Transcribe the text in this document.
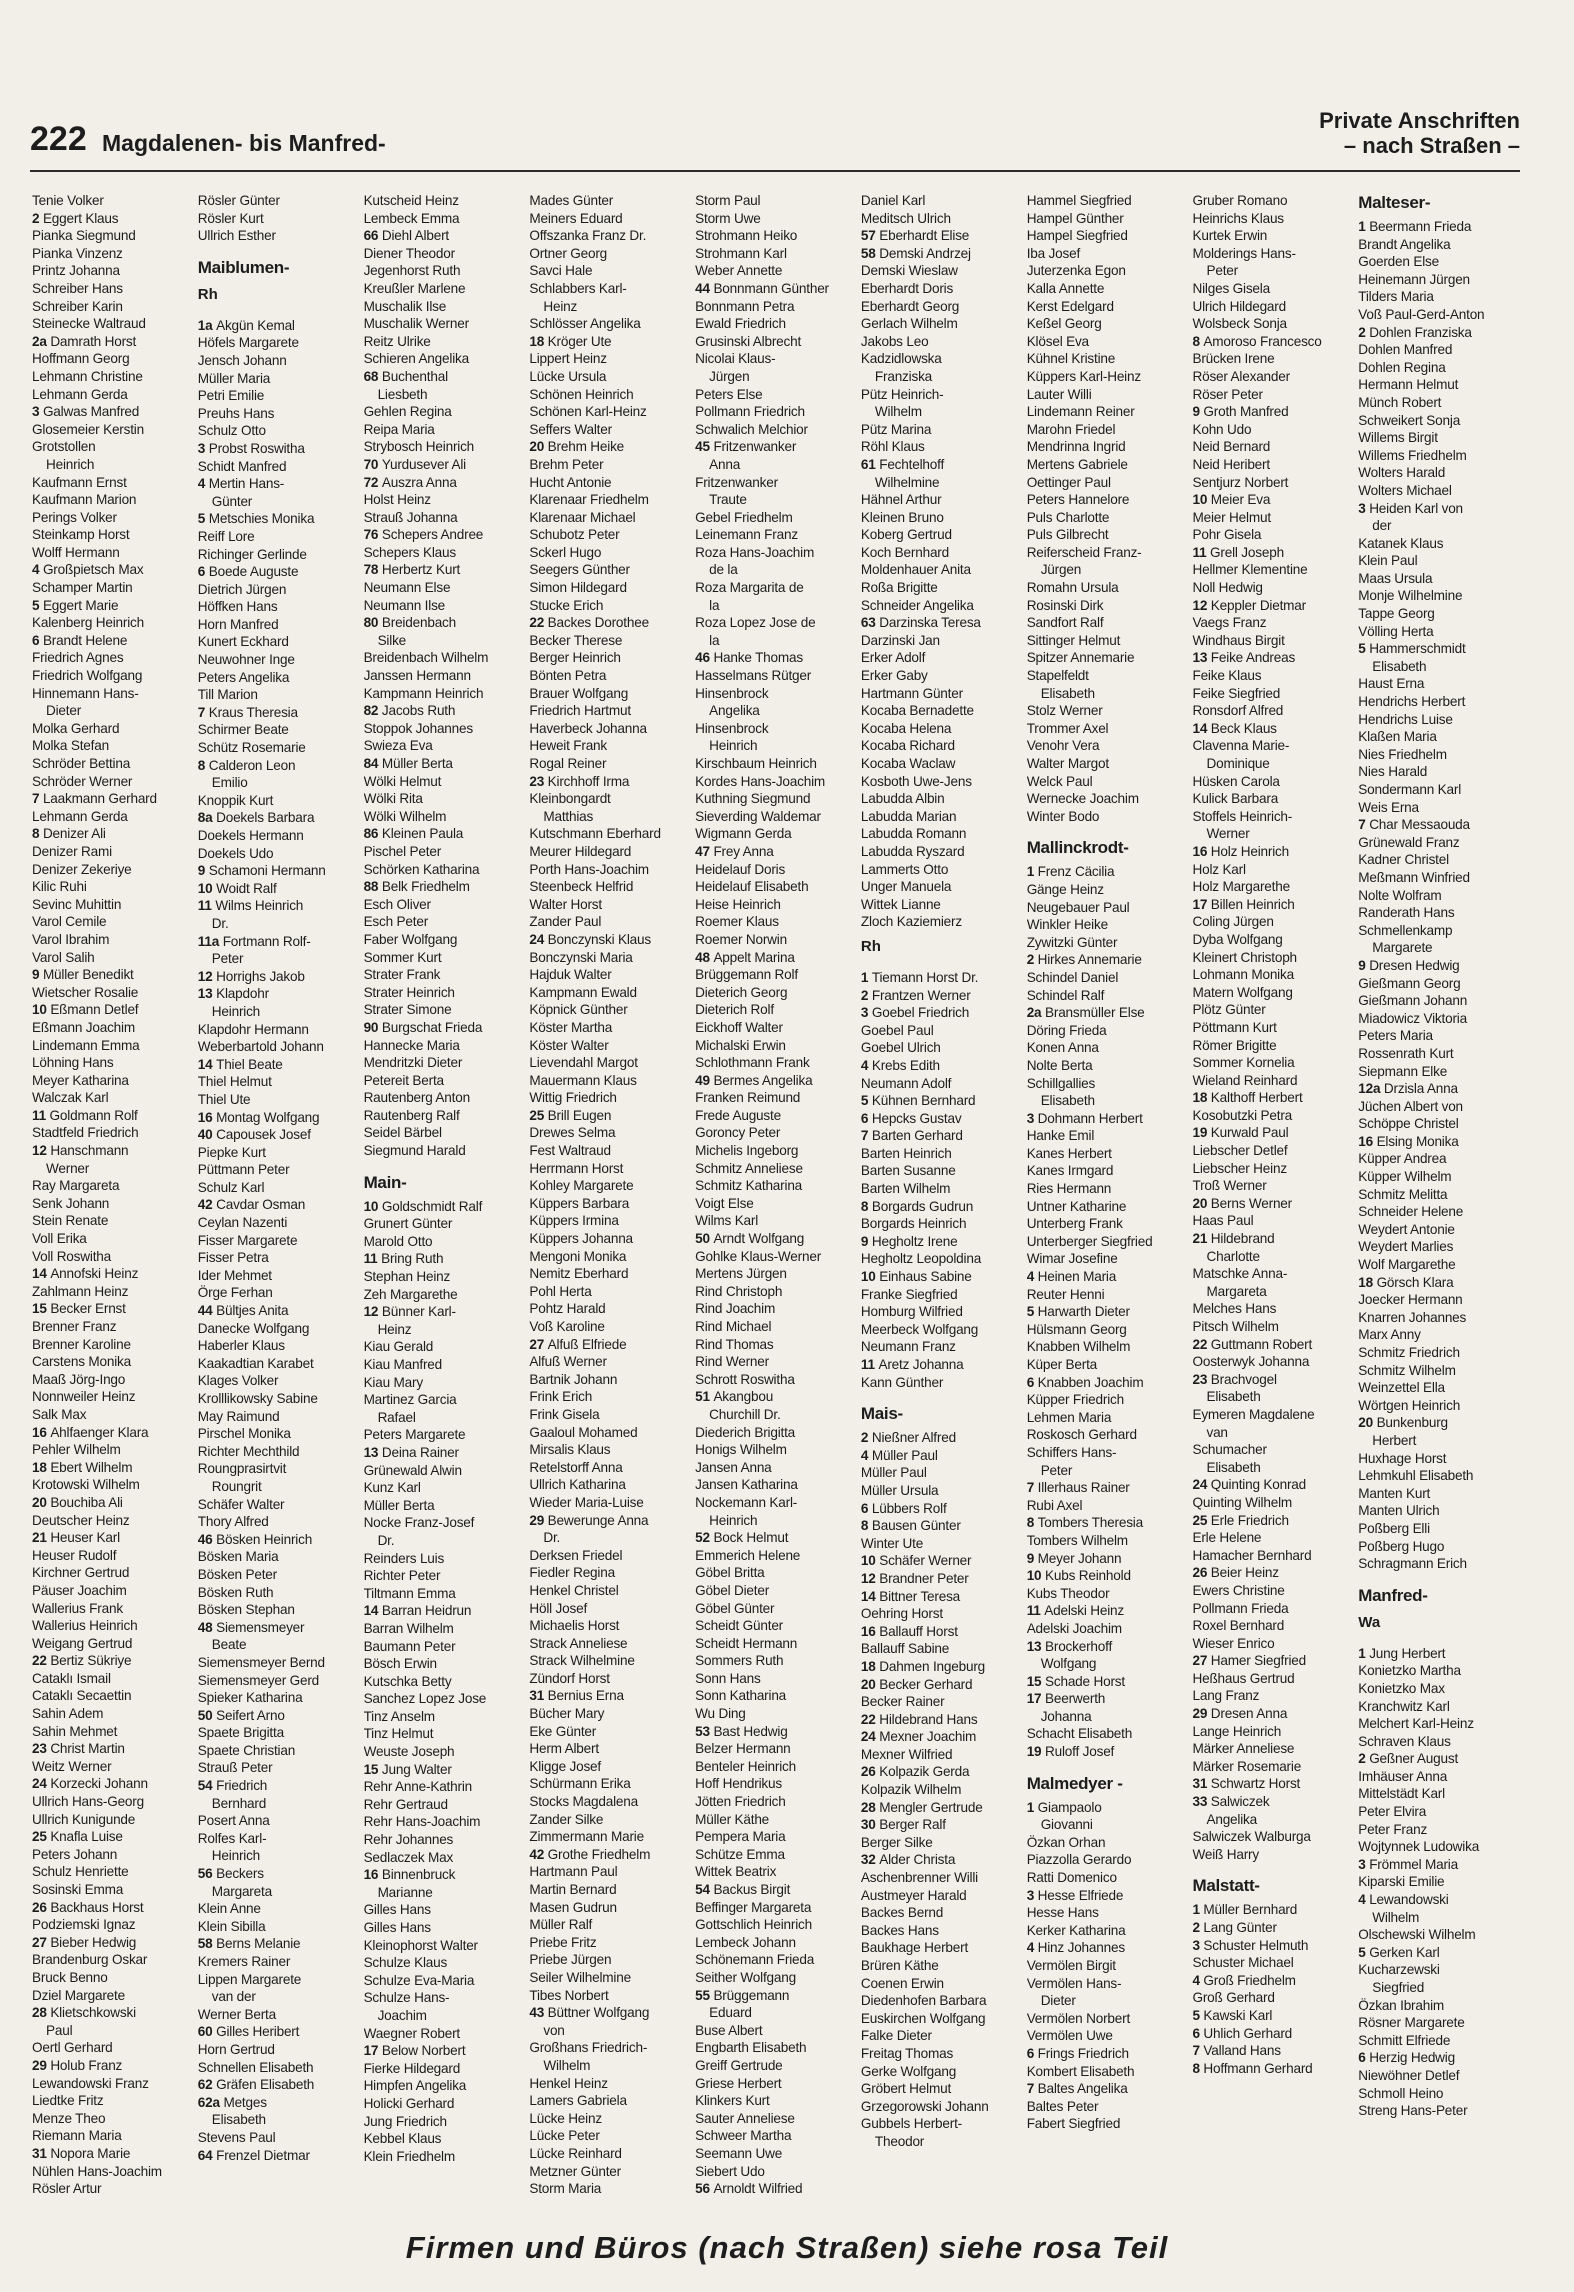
222 Magdalenen- bis Manfred-
Private Anschriften
– nach Straßen –
Tenie Volker
2 Eggert Klaus
Pianka Siegmund
Pianka Vinzenz
Printz Johanna
Schreiber Hans
Schreiber Karin
Steinecke Waltraud
2a Damrath Horst
Hoffmann Georg
Lehmann Christine
Lehmann Gerda
3 Galwas Manfred
Glosemeier Kerstin
Grotstollen
Heinrich
Kaufmann Ernst
Kaufmann Marion
Perings Volker
Steinkamp Horst
Wolff Hermann
4 Großpietsch Max
Schamper Martin
5 Eggert Marie
Kalenberg Heinrich
6 Brandt Helene
Friedrich Agnes
Friedrich Wolfgang
Hinnemann Hans-
Dieter
Molka Gerhard
Molka Stefan
Schröder Bettina
Schröder Werner
7 Laakmann Gerhard
Lehmann Gerda
8 Denizer Ali
Denizer Rami
Denizer Zekeriye
Kilic Ruhi
Sevinc Muhittin
Varol Cemile
Varol Ibrahim
Varol Salih
9 Müller Benedikt
Wietscher Rosalie
10 Eßmann Detlef
Eßmann Joachim
Lindemann Emma
Löhning Hans
Meyer Katharina
Walczak Karl
11 Goldmann Rolf
Stadtfeld Friedrich
12 Hanschmann
Werner
Ray Margareta
Senk Johann
Stein Renate
Voll Erika
Voll Roswitha
14 Annofski Heinz
Zahlmann Heinz
15 Becker Ernst
Brenner Franz
Brenner Karoline
Carstens Monika
Maaß Jörg-Ingo
Nonnweiler Heinz
Salk Max
16 Ahlfaenger Klara
Pehler Wilhelm
18 Ebert Wilhelm
Krotowski Wilhelm
20 Bouchiba Ali
Deutscher Heinz
21 Heuser Karl
Heuser Rudolf
Kirchner Gertrud
Päuser Joachim
Wallerius Frank
Wallerius Heinrich
Weigang Gertrud
22 Bertiz Sükriye
Cataklı Ismail
Cataklı Secaettin
Sahin Adem
Sahin Mehmet
23 Christ Martin
Weitz Werner
24 Korzecki Johann
Ullrich Hans-Georg
Ullrich Kunigunde
25 Knafla Luise
Peters Johann
Schulz Henriette
Sosinski Emma
26 Backhaus Horst
Podziemski Ignaz
27 Bieber Hedwig
Brandenburg Oskar
Bruck Benno
Dziel Margarete
28 Klietschkowski
Paul
Oertl Gerhard
29 Holub Franz
Lewandowski Franz
Liedtke Fritz
Menze Theo
Riemann Maria
31 Nopora Marie
Nühlen Hans-Joachim
Rösler Artur
Rösler Günter
Rösler Kurt
Ullrich Esther
Maiblumen-
Rh
1a Akgün Kemal
Höfels Margarete
Jensch Johann
Müller Maria
Petri Emilie
Preuhs Hans
Schulz Otto
3 Probst Roswitha
Schidt Manfred
4 Mertin Hans-
Günter
5 Metschies Monika
Reiff Lore
Richinger Gerlinde
6 Boede Auguste
Dietrich Jürgen
Höffken Hans
Horn Manfred
Kunert Eckhard
Neuwohner Inge
Peters Angelika
Till Marion
7 Kraus Theresia
Schirmer Beate
Schütz Rosemarie
8 Calderon Leon
Emilio
Knoppik Kurt
8a Doekels Barbara
Doekels Hermann
Doekels Udo
9 Schamoni Hermann
10 Woidt Ralf
11 Wilms Heinrich
Dr.
11a Fortmann Rolf-
Peter
12 Horrighs Jakob
13 Klapdohr
Heinrich
Klapdohr Hermann
Weberbartold Johann
14 Thiel Beate
Thiel Helmut
Thiel Ute
16 Montag Wolfgang
40 Capousek Josef
Piepke Kurt
Püttmann Peter
Schulz Karl
42 Cavdar Osman
Ceylan Nazenti
Fisser Margarete
Fisser Petra
Ider Mehmet
Örge Ferhan
44 Bültjes Anita
Danecke Wolfgang
Haberler Klaus
Kaakadtian Karabet
Klages Volker
Krolllikowsky Sabine
May Raimund
Pirschel Monika
Richter Mechthild
Roungprasirtvit
Roungrit
Schäfer Walter
Thory Alfred
46 Bösken Heinrich
Bösken Maria
Bösken Peter
Bösken Ruth
Bösken Stephan
48 Siemensmeyer
Beate
Siemensmeyer Bernd
Siemensmeyer Gerd
Spieker Katharina
50 Seifert Arno
Spaete Brigitta
Spaete Christian
Strauß Peter
54 Friedrich
Bernhard
Posert Anna
Rolfes Karl-
Heinrich
56 Beckers
Margareta
Klein Anne
Klein Sibilla
58 Berns Melanie
Kremers Rainer
Lippen Margarete
van der
Werner Berta
60 Gilles Heribert
Horn Gertrud
Schnellen Elisabeth
62 Gräfen Elisabeth
62a Metges
Elisabeth
Stevens Paul
64 Frenzel Dietmar
Kutscheid Heinz
Lembeck Emma
66 Diehl Albert
Diener Theodor
Jegenhorst Ruth
Kreußler Marlene
Muschalik Ilse
Muschalik Werner
Reitz Ulrike
Schieren Angelika
68 Buchenthal
Liesbeth
Gehlen Regina
Reipa Maria
Strybosch Heinrich
70 Yurdusever Ali
72 Auszra Anna
Holst Heinz
Strauß Johanna
76 Schepers Andree
Schepers Klaus
78 Herbertz Kurt
Neumann Else
Neumann Ilse
80 Breidenbach
Silke
Breidenbach Wilhelm
Janssen Hermann
Kampmann Heinrich
82 Jacobs Ruth
Stoppok Johannes
Swieza Eva
84 Müller Berta
Wölki Helmut
Wölki Rita
Wölki Wilhelm
86 Kleinen Paula
Pischel Peter
Schörken Katharina
88 Belk Friedhelm
Esch Oliver
Esch Peter
Faber Wolfgang
Sommer Kurt
Strater Frank
Strater Heinrich
Strater Simone
90 Burgschat Frieda
Hannecke Maria
Mendritzki Dieter
Petereit Berta
Rautenberg Anton
Rautenberg Ralf
Seidel Bärbel
Siegmund Harald
Main-
10 Goldschmidt Ralf
Grunert Günter
Marold Otto
11 Bring Ruth
Stephan Heinz
Zeh Margarethe
12 Bünner Karl-
Heinz
Kiau Gerald
Kiau Manfred
Kiau Mary
Martinez Garcia
Rafael
Peters Margarete
13 Deina Rainer
Grünewald Alwin
Kunz Karl
Müller Berta
Nocke Franz-Josef
Dr.
Reinders Luis
Richter Peter
Tiltmann Emma
14 Barran Heidrun
Barran Wilhelm
Baumann Peter
Bösch Erwin
Kutschka Betty
Sanchez Lopez Jose
Tinz Anselm
Tinz Helmut
Weuste Joseph
15 Jung Walter
Rehr Anne-Kathrin
Rehr Gertraud
Rehr Hans-Joachim
Rehr Johannes
Sedlaczek Max
16 Binnenbruck
Marianne
Gilles Hans
Gilles Hans
Kleinophorst Walter
Schulze Klaus
Schulze Eva-Maria
Schulze Hans-
Joachim
Waegner Robert
17 Below Norbert
Fierke Hildegard
Himpfen Angelika
Holicki Gerhard
Jung Friedrich
Kebbel Klaus
Klein Friedhelm
Mades Günter
Meiners Eduard
Offszanka Franz Dr.
Ortner Georg
Savci Hale
Schlabbers Karl-
Heinz
Schlösser Angelika
18 Kröger Ute
Lippert Heinz
Lücke Ursula
Schönen Heinrich
Schönen Karl-Heinz
Seffers Walter
20 Brehm Heike
Brehm Peter
Hucht Antonie
Klarenaar Friedhelm
Klarenaar Michael
Schubotz Peter
Sckerl Hugo
Seegers Günther
Simon Hildegard
Stucke Erich
22 Backes Dorothee
Becker Therese
Berger Heinrich
Bönten Petra
Brauer Wolfgang
Friedrich Hartmut
Haverbeck Johanna
Heweit Frank
Rogal Reiner
23 Kirchhoff Irma
Kleinbongardt
Matthias
Kutschmann Eberhard
Meurer Hildegard
Porth Hans-Joachim
Steenbeck Helfrid
Walter Horst
Zander Paul
24 Bonczynski Klaus
Bonczynski Maria
Hajduk Walter
Kampmann Ewald
Köpnick Günther
Köster Martha
Köster Walter
Lievendahl Margot
Mauermann Klaus
Wittig Friedrich
25 Brill Eugen
Drewes Selma
Fest Waltraud
Herrmann Horst
Kohley Margarete
Küppers Barbara
Küppers Irmina
Küppers Johanna
Mengoni Monika
Nemitz Eberhard
Pohl Herta
Pohtz Harald
Voß Karoline
27 Alfuß Elfriede
Alfuß Werner
Bartnik Johann
Frink Erich
Frink Gisela
Gaaloul Mohamed
Mirsalis Klaus
Retelstorff Anna
Ullrich Katharina
Wieder Maria-Luise
29 Bewerunge Anna
Dr.
Derksen Friedel
Fiedler Regina
Henkel Christel
Höll Josef
Michaelis Horst
Strack Anneliese
Strack Wilhelmine
Zündorf Horst
31 Bernius Erna
Bücher Mary
Eke Günter
Herm Albert
Kligge Josef
Schürmann Erika
Stocks Magdalena
Zander Silke
Zimmermann Marie
42 Grothe Friedhelm
Hartmann Paul
Martin Bernard
Masen Gudrun
Müller Ralf
Priebe Fritz
Priebe Jürgen
Seiler Wilhelmine
Tibes Norbert
43 Büttner Wolfgang
von
Großhans Friedrich-
Wilhelm
Henkel Heinz
Lamers Gabriela
Lücke Heinz
Lücke Peter
Lücke Reinhard
Metzner Günter
Storm Maria
Storm Paul
Storm Uwe
Strohmann Heiko
Strohmann Karl
Weber Annette
44 Bonnmann Günther
Bonnmann Petra
Ewald Friedrich
Grusinski Albrecht
Nicolai Klaus-
Jürgen
Peters Else
Pollmann Friedrich
Schwalich Melchior
45 Fritzenwanker
Anna
Fritzenwanker
Traute
Gebel Friedhelm
Leinemann Franz
Roza Hans-Joachim
de la
Roza Margarita de
la
Roza Lopez Jose de
la
46 Hanke Thomas
Hasselmans Rütger
Hinsenbrock
Angelika
Hinsenbrock
Heinrich
Kirschbaum Heinrich
Kordes Hans-Joachim
Kuthning Siegmund
Sieverding Waldemar
Wigmann Gerda
47 Frey Anna
Heidelauf Doris
Heidelauf Elisabeth
Heise Heinrich
Roemer Klaus
Roemer Norwin
48 Appelt Marina
Brüggemann Rolf
Dieterich Georg
Dieterich Rolf
Eickhoff Walter
Michalski Erwin
Schlothmann Frank
49 Bermes Angelika
Franken Reimund
Frede Auguste
Goroncy Peter
Michelis Ingeborg
Schmitz Anneliese
Schmitz Katharina
Voigt Else
Wilms Karl
50 Arndt Wolfgang
Gohlke Klaus-Werner
Mertens Jürgen
Rind Christoph
Rind Joachim
Rind Michael
Rind Thomas
Rind Werner
Schrott Roswitha
51 Akangbou
Churchill Dr.
Diederich Brigitta
Honigs Wilhelm
Jansen Anna
Jansen Katharina
Nockemann Karl-
Heinrich
52 Bock Helmut
Emmerich Helene
Göbel Britta
Göbel Dieter
Göbel Günter
Scheidt Günter
Scheidt Hermann
Sommers Ruth
Sonn Hans
Sonn Katharina
Wu Ding
53 Bast Hedwig
Belzer Hermann
Benteler Heinrich
Hoff Hendrikus
Jötten Friedrich
Müller Käthe
Pempera Maria
Schütze Emma
Wittek Beatrix
54 Backus Birgit
Beffinger Margareta
Gottschlich Heinrich
Lembeck Johann
Schönemann Frieda
Seither Wolfgang
55 Brüggemann
Eduard
Buse Albert
Engbarth Elisabeth
Greiff Gertrude
Griese Herbert
Klinkers Kurt
Sauter Anneliese
Schweer Martha
Seemann Uwe
Siebert Udo
56 Arnoldt Wilfried
Daniel Karl
Meditsch Ulrich
57 Eberhardt Elise
58 Demski Andrzej
Demski Wieslaw
Eberhardt Doris
Eberhardt Georg
Gerlach Wilhelm
Jakobs Leo
Kadzidlowska
Franziska
Pütz Heinrich-
Wilhelm
Pütz Marina
Röhl Klaus
61 Fechtelhoff
Wilhelmine
Hähnel Arthur
Kleinen Bruno
Koberg Gertrud
Koch Bernhard
Moldenhauer Anita
Roßa Brigitte
Schneider Angelika
63 Darzinska Teresa
Darzinski Jan
Erker Adolf
Erker Gaby
Hartmann Günter
Kocaba Bernadette
Kocaba Helena
Kocaba Richard
Kocaba Waclaw
Kosboth Uwe-Jens
Labudda Albin
Labudda Marian
Labudda Romann
Labudda Ryszard
Lammerts Otto
Unger Manuela
Wittek Lianne
Zloch Kaziemierz
Rh
1 Tiemann Horst Dr.
2 Frantzen Werner
3 Goebel Friedrich
Goebel Paul
Goebel Ulrich
4 Krebs Edith
Neumann Adolf
5 Kühnen Bernhard
6 Hepcks Gustav
7 Barten Gerhard
Barten Heinrich
Barten Susanne
Barten Wilhelm
8 Borgards Gudrun
Borgards Heinrich
9 Hegholtz Irene
Hegholtz Leopoldina
10 Einhaus Sabine
Franke Siegfried
Homburg Wilfried
Meerbeck Wolfgang
Neumann Franz
11 Aretz Johanna
Kann Günther
Mais-
2 Nießner Alfred
4 Müller Paul
Müller Paul
Müller Ursula
6 Lübbers Rolf
8 Bausen Günter
Winter Ute
10 Schäfer Werner
12 Brandner Peter
14 Bittner Teresa
Oehring Horst
16 Ballauff Horst
Ballauff Sabine
18 Dahmen Ingeburg
20 Becker Gerhard
Becker Rainer
22 Hildebrand Hans
24 Mexner Joachim
Mexner Wilfried
26 Kolpazik Gerda
Kolpazik Wilhelm
28 Mengler Gertrude
30 Berger Ralf
Berger Silke
32 Alder Christa
Aschenbrenner Willi
Austmeyer Harald
Backes Bernd
Backes Hans
Baukhage Herbert
Brüren Käthe
Coenen Erwin
Diedenhofen Barbara
Euskirchen Wolfgang
Falke Dieter
Freitag Thomas
Gerke Wolfgang
Gröbert Helmut
Grzegorowski Johann
Gubbels Herbert-
Theodor
Hammel Siegfried
Hampel Günther
Hampel Siegfried
Iba Josef
Juterzenka Egon
Kalla Annette
Kerst Edelgard
Keßel Georg
Klösel Eva
Kühnel Kristine
Küppers Karl-Heinz
Lauter Willi
Lindemann Reiner
Marohn Friedel
Mendrinna Ingrid
Mertens Gabriele
Oettinger Paul
Peters Hannelore
Puls Charlotte
Puls Gilbrecht
Reiferscheid Franz-
Jürgen
Romahn Ursula
Rosinski Dirk
Sandfort Ralf
Sittinger Helmut
Spitzer Annemarie
Stapelfeldt
Elisabeth
Stolz Werner
Trommer Axel
Venohr Vera
Walter Margot
Welck Paul
Wernecke Joachim
Winter Bodo
Mallinckrodt-
1 Frenz Cäcilia
Gänge Heinz
Neugebauer Paul
Winkler Heike
Zywitzki Günter
2 Hirkes Annemarie
Schindel Daniel
Schindel Ralf
2a Bransmüller Else
Döring Frieda
Konen Anna
Nolte Berta
Schillgallies
Elisabeth
3 Dohmann Herbert
Hanke Emil
Kanes Herbert
Kanes Irmgard
Ries Hermann
Untner Katharine
Unterberg Frank
Unterberger Siegfried
Wimar Josefine
4 Heinen Maria
Reuter Henni
5 Harwarth Dieter
Hülsmann Georg
Knabben Wilhelm
Küper Berta
6 Knabben Joachim
Küpper Friedrich
Lehmen Maria
Roskosch Gerhard
Schiffers Hans-
Peter
7 Illerhaus Rainer
Rubi Axel
8 Tombers Theresia
Tombers Wilhelm
9 Meyer Johann
10 Kubs Reinhold
Kubs Theodor
11 Adelski Heinz
Adelski Joachim
13 Brockerhoff
Wolfgang
15 Schade Horst
17 Beerwerth
Johanna
Schacht Elisabeth
19 Ruloff Josef
Malmedyer -
1 Giampaolo
Giovanni
Özkan Orhan
Piazzolla Gerardo
Ratti Domenico
3 Hesse Elfriede
Hesse Hans
Kerker Katharina
4 Hinz Johannes
Vermölen Birgit
Vermölen Hans-
Dieter
Vermölen Norbert
Vermölen Uwe
6 Frings Friedrich
Kombert Elisabeth
7 Baltes Angelika
Baltes Peter
Fabert Siegfried
Gruber Romano
Heinrichs Klaus
Kurtek Erwin
Molderings Hans-
Peter
Nilges Gisela
Ulrich Hildegard
Wolsbeck Sonja
8 Amoroso Francesco
Brücken Irene
Röser Alexander
Röser Peter
9 Groth Manfred
Kohn Udo
Neid Bernard
Neid Heribert
Sentjurz Norbert
10 Meier Eva
Meier Helmut
Pohr Gisela
11 Grell Joseph
Hellmer Klementine
Noll Hedwig
12 Keppler Dietmar
Vaegs Franz
Windhaus Birgit
13 Feike Andreas
Feike Klaus
Feike Siegfried
Ronsdorf Alfred
14 Beck Klaus
Clavenna Marie-
Dominique
Hüsken Carola
Kulick Barbara
Stoffels Heinrich-
Werner
16 Holz Heinrich
Holz Karl
Holz Margarethe
17 Billen Heinrich
Coling Jürgen
Dyba Wolfgang
Kleinert Christoph
Lohmann Monika
Matern Wolfgang
Plötz Günter
Pöttmann Kurt
Römer Brigitte
Sommer Kornelia
Wieland Reinhard
18 Kalthoff Herbert
Kosobutzki Petra
19 Kurwald Paul
Liebscher Detlef
Liebscher Heinz
Troß Werner
20 Berns Werner
Haas Paul
21 Hildebrand
Charlotte
Matschke Anna-
Margareta
Melches Hans
Pitsch Wilhelm
22 Guttmann Robert
Oosterwyk Johanna
23 Brachvogel
Elisabeth
Eymeren Magdalene
van
Schumacher
Elisabeth
24 Quinting Konrad
Quinting Wilhelm
25 Erle Friedrich
Erle Helene
Hamacher Bernhard
26 Beier Heinz
Ewers Christine
Pollmann Frieda
Roxel Bernhard
Wieser Enrico
27 Hamer Siegfried
Heßhaus Gertrud
Lang Franz
29 Dresen Anna
Lange Heinrich
Märker Anneliese
Märker Rosemarie
31 Schwartz Horst
33 Salwiczek
Angelika
Salwiczek Walburga
Weiß Harry
Malstatt-
1 Müller Bernhard
2 Lang Günter
3 Schuster Helmuth
Schuster Michael
4 Groß Friedhelm
Groß Gerhard
5 Kawski Karl
6 Uhlich Gerhard
7 Valland Hans
8 Hoffmann Gerhard
Malteser-
1 Beermann Frieda
Brandt Angelika
Goerden Else
Heinemann Jürgen
Tilders Maria
Voß Paul-Gerd-Anton
2 Dohlen Franziska
Dohlen Manfred
Dohlen Regina
Hermann Helmut
Münch Robert
Schweikert Sonja
Willems Birgit
Willems Friedhelm
Wolters Harald
Wolters Michael
3 Heiden Karl von
der
Katanek Klaus
Klein Paul
Maas Ursula
Monje Wilhelmine
Tappe Georg
Völling Herta
5 Hammerschmidt
Elisabeth
Haust Erna
Hendrichs Herbert
Hendrichs Luise
Klaßen Maria
Nies Friedhelm
Nies Harald
Sondermann Karl
Weis Erna
7 Char Messaouda
Grünewald Franz
Kadner Christel
Meßmann Winfried
Nolte Wolfram
Randerath Hans
Schmellenkamp
Margarete
9 Dresen Hedwig
Gießmann Georg
Gießmann Johann
Miadowicz Viktoria
Peters Maria
Rossenrath Kurt
Siepmann Elke
12a Drzisla Anna
Jüchen Albert von
Schöppe Christel
16 Elsing Monika
Küpper Andrea
Küpper Wilhelm
Schmitz Melitta
Schneider Helene
Weydert Antonie
Weydert Marlies
Wolf Margarethe
18 Görsch Klara
Joecker Hermann
Knarren Johannes
Marx Anny
Schmitz Friedrich
Schmitz Wilhelm
Weinzettel Ella
Wörtgen Heinrich
20 Bunkenburg
Herbert
Huxhage Horst
Lehmkuhl Elisabeth
Manten Kurt
Manten Ulrich
Poßberg Elli
Poßberg Hugo
Schragmann Erich
Manfred-
Wa
1 Jung Herbert
Konietzko Martha
Konietzko Max
Kranchwitz Karl
Melchert Karl-Heinz
Schraven Klaus
2 Geßner August
Imhäuser Anna
Mittelstädt Karl
Peter Elvira
Peter Franz
Wojtynnek Ludowika
3 Frömmel Maria
Kiparski Emilie
4 Lewandowski
Wilhelm
Olschewski Wilhelm
5 Gerken Karl
Kucharzewski
Siegfried
Özkan Ibrahim
Rösner Margarete
Schmitt Elfriede
6 Herzig Hedwig
Niewöhner Detlef
Schmoll Heino
Streng Hans-Peter
Firmen und Büros (nach Straßen) siehe rosa Teil
